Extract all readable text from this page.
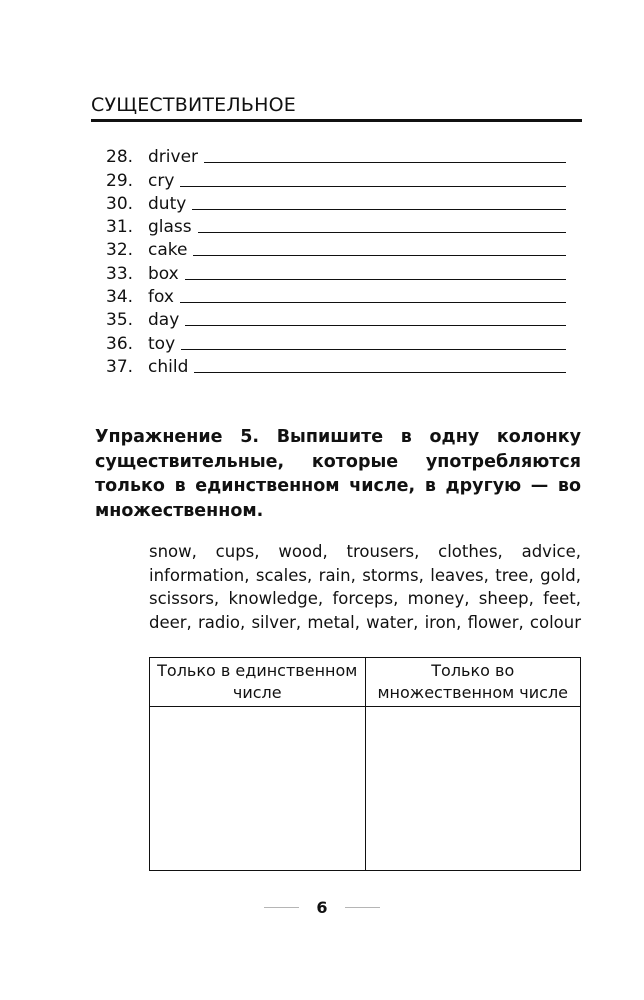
СУЩЕСТВИТЕЛЬНОЕ
28. driver
29. cry
30. duty
31. glass
32. cake
33. box
34. fox
35. day
36. toy
37. child
Упражнение 5. Выпишите в одну колонку существительные, которые употребляются только в единственном числе, в другую — во множественном.
snow, cups, wood, trousers, clothes, advice,
information, scales, rain, storms, leaves, tree, gold,
scissors, knowledge, forceps, money, sheep, feet,
deer, radio, silver, metal, water, iron, flower, colour
Только в единственном числе	Только во множественном числе

6
